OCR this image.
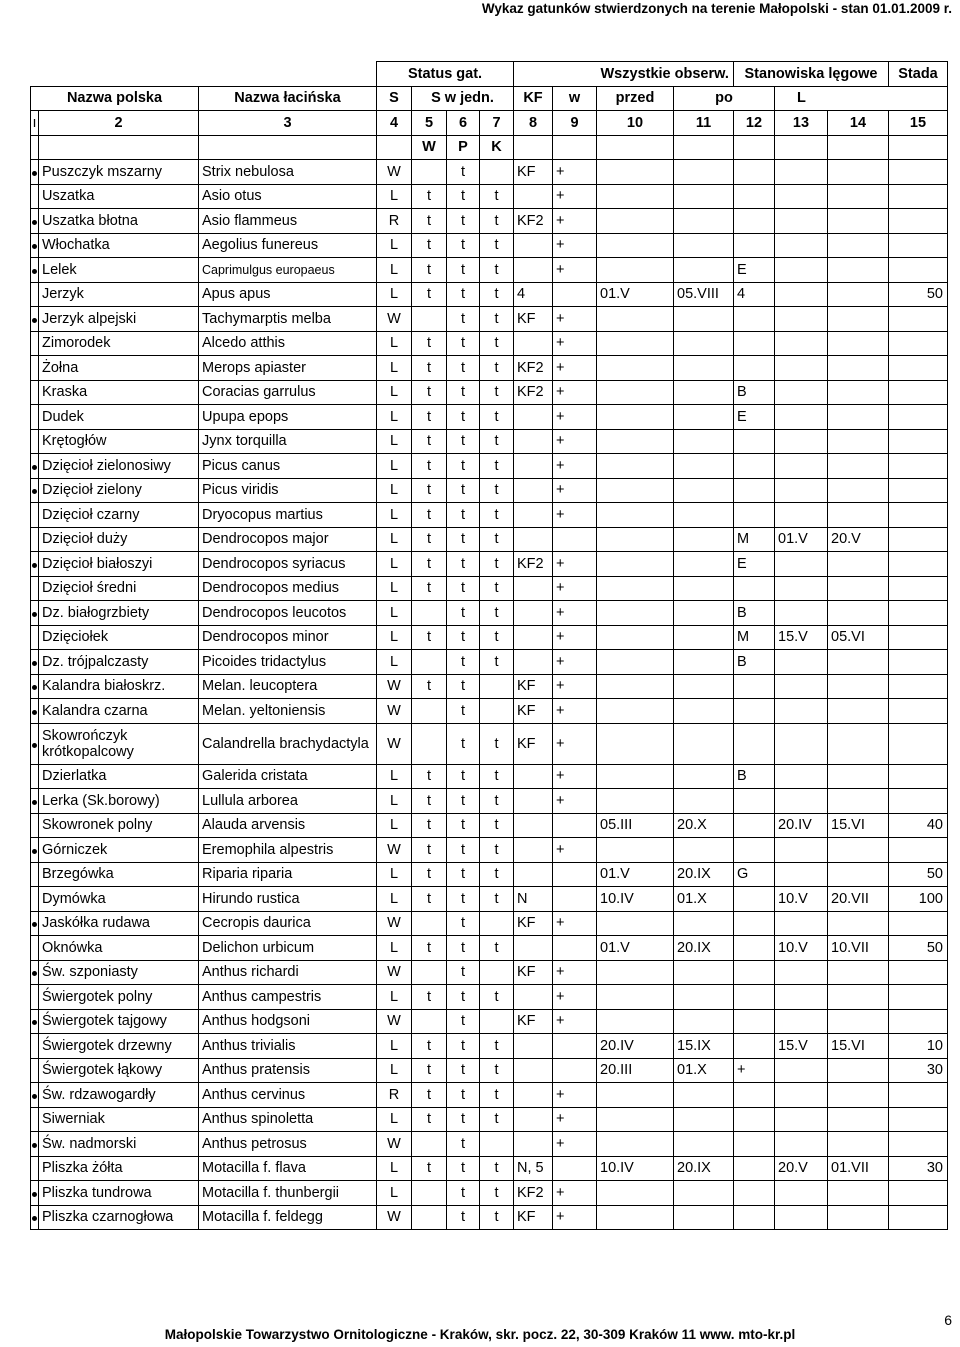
Wykaz gatunków stwierdzonych na terenie Małopolski - stan 01.01.2009 r.
			Status gat.						Wszystkie obserw.		Stanowiska lęgowe			Stada
Nazwa polska		Nazwa łacińska	S	S w jedn.			KF	w	przed	po		L		
ı	2	3	4	5	6	7	8	9	10	11	12	13	14	15
				W	P	K								
	Puszczyk mszarny	Strix nebulosa	W		t		KF	+						
	Uszatka	Asio otus	L	t	t	t		+						
	Uszatka błotna	Asio flammeus	R	t	t	t	KF2	+						
	Włochatka	Aegolius funereus	L	t	t	t		+						
	Lelek	Caprimulgus europaeus	L	t	t	t		+			E			
	Jerzyk	Apus apus	L	t	t	t	4		01.V	05.VIII	4			50
	Jerzyk alpejski	Tachymarptis melba	W		t	t	KF	+						
	Zimorodek	Alcedo atthis	L	t	t	t		+						
	Żołna	Merops apiaster	L	t	t	t	KF2	+						
	Kraska	Coracias garrulus	L	t	t	t	KF2	+			B			
	Dudek	Upupa epops	L	t	t	t		+			E			
	Krętogłów	Jynx torquilla	L	t	t	t		+						
	Dzięcioł zielonosiwy	Picus canus	L	t	t	t		+						
	Dzięcioł zielony	Picus viridis	L	t	t	t		+						
	Dzięcioł czarny	Dryocopus martius	L	t	t	t		+						
	Dzięcioł duży	Dendrocopos major	L	t	t	t					M	01.V	20.V	
	Dzięcioł białoszyi	Dendrocopos syriacus	L	t	t	t	KF2	+			E			
	Dzięcioł średni	Dendrocopos medius	L	t	t	t		+						
	Dz. białogrzbiety	Dendrocopos leucotos	L		t	t		+			B			
	Dzięciołek	Dendrocopos minor	L	t	t	t		+			M	15.V	05.VI	
	Dz. trójpalczasty	Picoides tridactylus	L		t	t		+			B			
	Kalandra białoskrz.	Melan. leucoptera	W	t	t		KF	+						
	Kalandra czarna	Melan. yeltoniensis	W		t		KF	+						
	Skowrończyk krótkopalcowy	Calandrella brachydactyla	W		t	t	KF	+						
	Dzierlatka	Galerida cristata	L	t	t	t		+			B			
	Lerka (Sk.borowy)	Lullula arborea	L	t	t	t		+						
	Skowronek polny	Alauda arvensis	L	t	t	t			05.III	20.X		20.IV	15.VI	40
	Górniczek	Eremophila alpestris	W	t	t	t		+						
	Brzegówka	Riparia riparia	L	t	t	t			01.V	20.IX	G			50
	Dymówka	Hirundo rustica	L	t	t	t	N		10.IV	01.X		10.V	20.VII	100
	Jaskółka rudawa	Cecropis daurica	W		t		KF	+						
	Oknówka	Delichon urbicum	L	t	t	t			01.V	20.IX		10.V	10.VII	50
	Św. szponiasty	Anthus richardi	W		t		KF	+						
	Świergotek polny	Anthus campestris	L	t	t	t		+						
	Świergotek tajgowy	Anthus hodgsoni	W		t		KF	+						
	Świergotek drzewny	Anthus trivialis	L	t	t	t			20.IV	15.IX		15.V	15.VI	10
	Świergotek łąkowy	Anthus pratensis	L	t	t	t			20.III	01.X	+			30
	Św. rdzawogardły	Anthus cervinus	R	t	t	t		+						
	Siwerniak	Anthus spinoletta	L	t	t	t		+						
	Św. nadmorski	Anthus petrosus	W		t			+						
	Pliszka żółta	Motacilla f. flava	L	t	t	t	N, 5		10.IV	20.IX		20.V	01.VII	30
	Pliszka tundrowa	Motacilla f. thunbergii	L		t	t	KF2	+						
	Pliszka czarnogłowa	Motacilla f. feldegg	W		t	t	KF	+						
6
Małopolskie Towarzystwo Ornitologiczne - Kraków, skr. pocz. 22, 30-309 Kraków 11 www. mto-kr.pl
